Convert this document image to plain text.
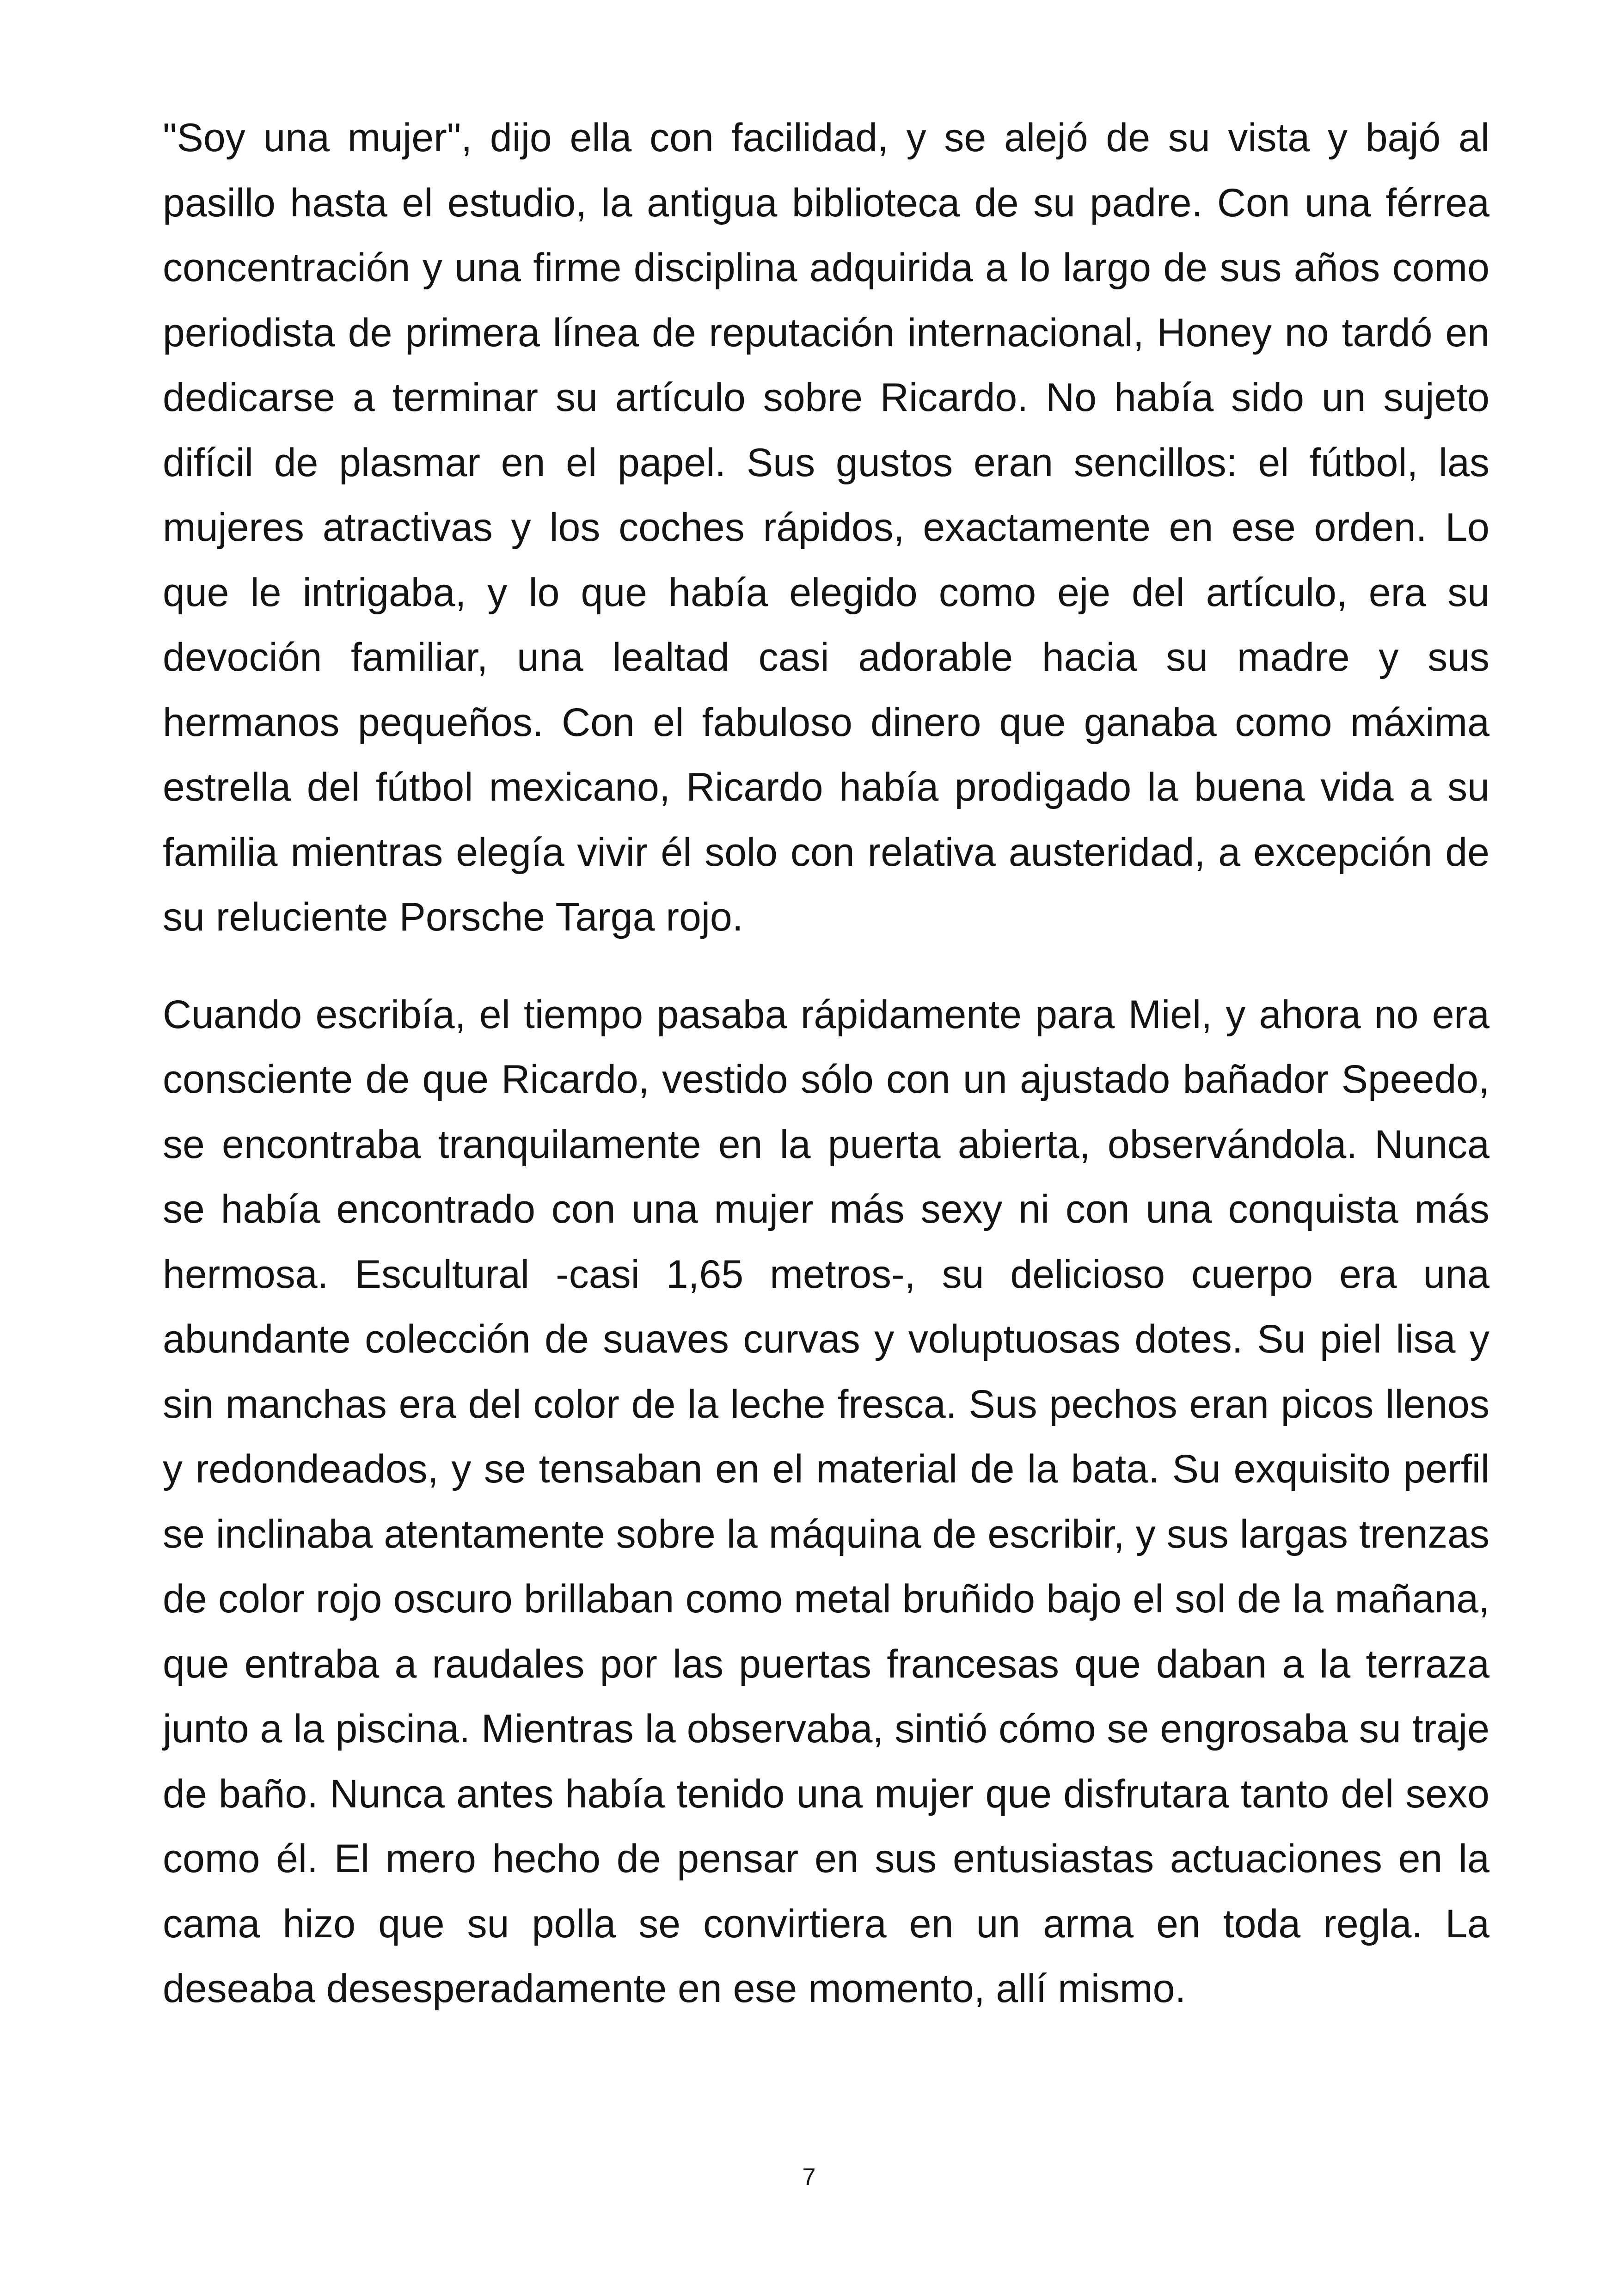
"Soy una mujer", dijo ella con facilidad, y se alejó de su vista y bajó al pasillo hasta el estudio, la antigua biblioteca de su padre. Con una férrea concentración y una firme disciplina adquirida a lo largo de sus años como periodista de primera línea de reputación internacional, Honey no tardó en dedicarse a terminar su artículo sobre Ricardo. No había sido un sujeto difícil de plasmar en el papel. Sus gustos eran sencillos: el fútbol, las mujeres atractivas y los coches rápidos, exactamente en ese orden. Lo que le intrigaba, y lo que había elegido como eje del artículo, era su devoción familiar, una lealtad casi adorable hacia su madre y sus hermanos pequeños. Con el fabuloso dinero que ganaba como máxima estrella del fútbol mexicano, Ricardo había prodigado la buena vida a su familia mientras elegía vivir él solo con relativa austeridad, a excepción de su reluciente Porsche Targa rojo.

Cuando escribía, el tiempo pasaba rápidamente para Miel, y ahora no era consciente de que Ricardo, vestido sólo con un ajustado bañador Speedo, se encontraba tranquilamente en la puerta abierta, observándola. Nunca se había encontrado con una mujer más sexy ni con una conquista más hermosa. Escultural -casi 1,65 metros-, su delicioso cuerpo era una abundante colección de suaves curvas y voluptuosas dotes. Su piel lisa y sin manchas era del color de la leche fresca. Sus pechos eran picos llenos y redondeados, y se tensaban en el material de la bata. Su exquisito perfil se inclinaba atentamente sobre la máquina de escribir, y sus largas trenzas de color rojo oscuro brillaban como metal bruñido bajo el sol de la mañana, que entraba a raudales por las puertas francesas que daban a la terraza junto a la piscina. Mientras la observaba, sintió cómo se engrosaba su traje de baño. Nunca antes había tenido una mujer que disfrutara tanto del sexo como él. El mero hecho de pensar en sus entusiastas actuaciones en la cama hizo que su polla se convirtiera en un arma en toda regla. La deseaba desesperadamente en ese momento, allí mismo.

7
